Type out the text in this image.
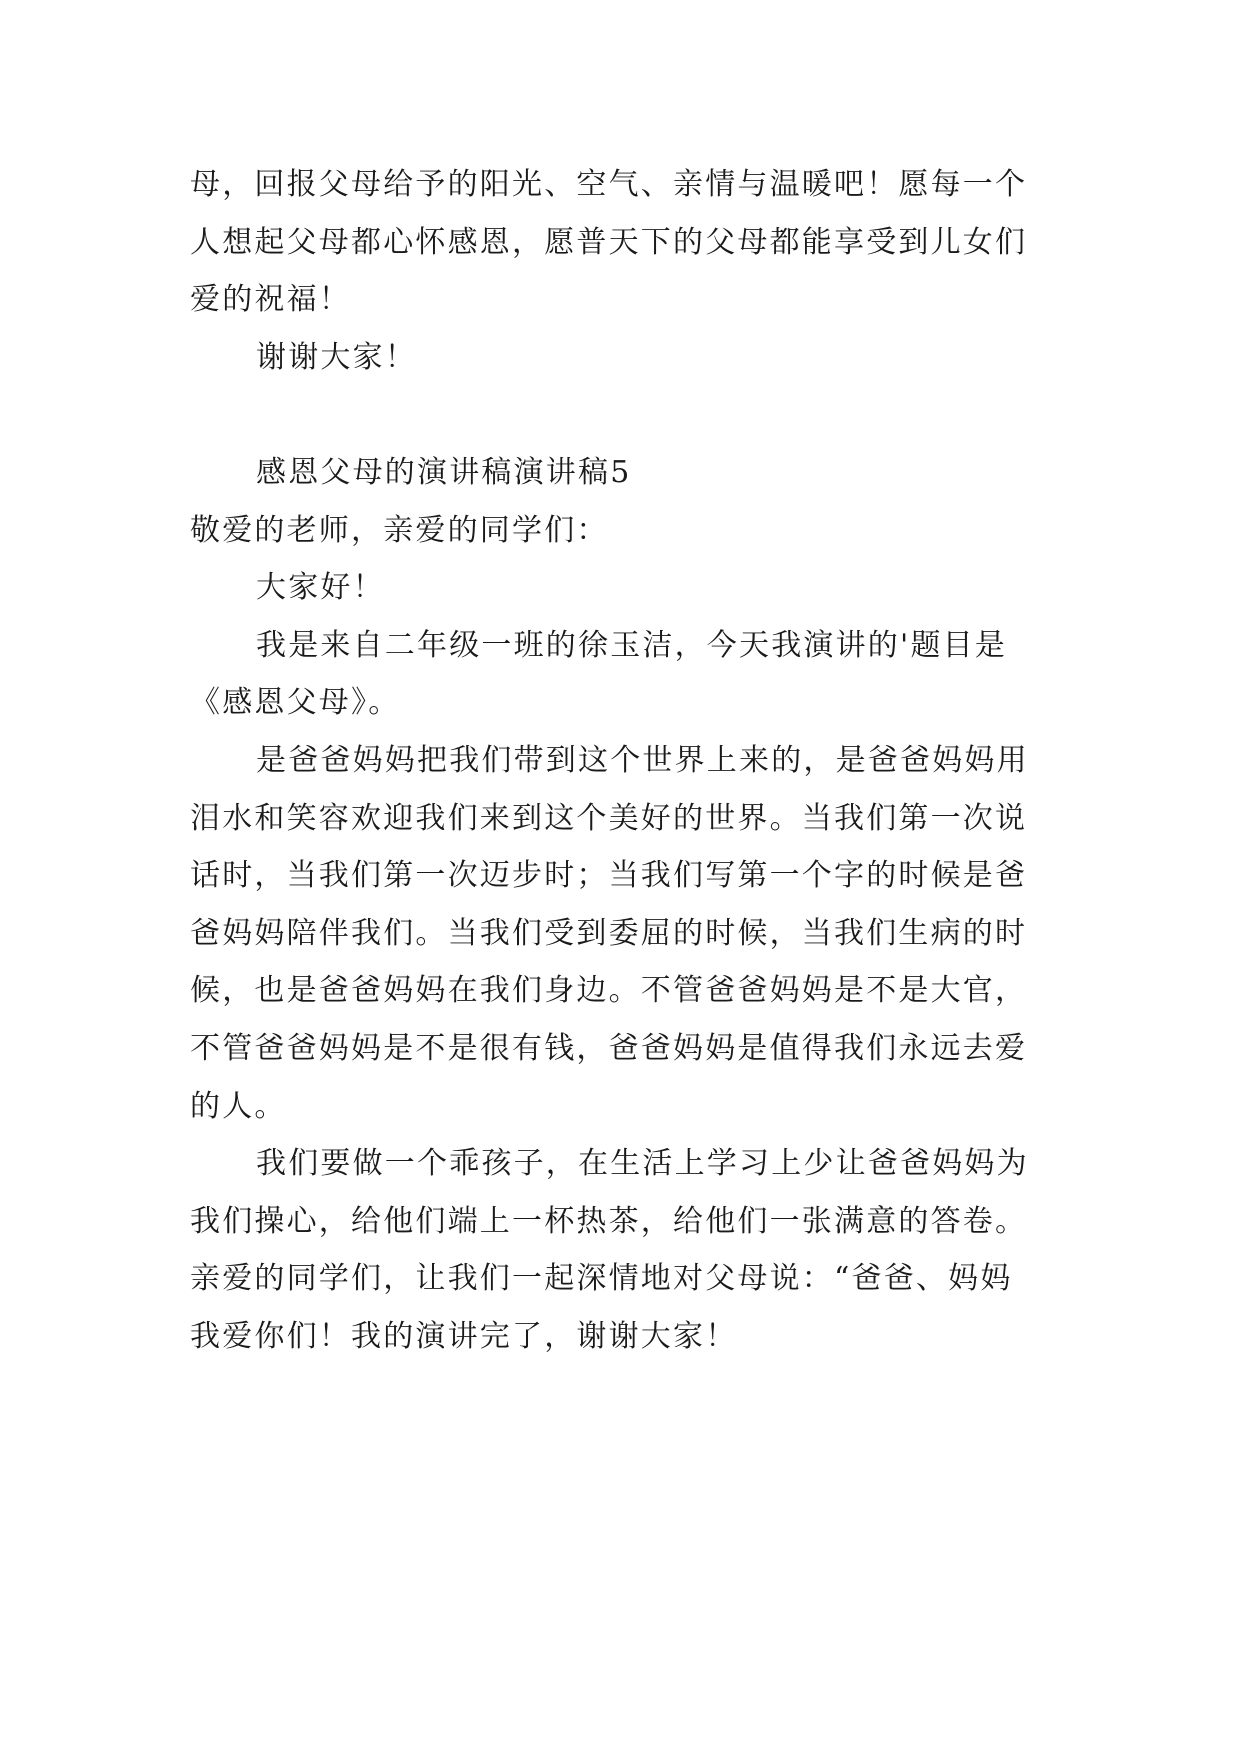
母，回报父母给予的阳光、空气、亲情与温暖吧！愿每一个
人想起父母都心怀感恩，愿普天下的父母都能享受到儿女们
爱的祝福！
谢谢大家！
感恩父母的演讲稿演讲稿5
敬爱的老师，亲爱的同学们：
大家好！
我是来自二年级一班的徐玉洁，今天我演讲的'题目是
《感恩父母》。
是爸爸妈妈把我们带到这个世界上来的，是爸爸妈妈用
泪水和笑容欢迎我们来到这个美好的世界。当我们第一次说
话时，当我们第一次迈步时；当我们写第一个字的时候是爸
爸妈妈陪伴我们。当我们受到委屈的时候，当我们生病的时
候，也是爸爸妈妈在我们身边。不管爸爸妈妈是不是大官，
不管爸爸妈妈是不是很有钱，爸爸妈妈是值得我们永远去爱
的人。
我们要做一个乖孩子，在生活上学习上少让爸爸妈妈为
我们操心，给他们端上一杯热茶，给他们一张满意的答卷。
亲爱的同学们，让我们一起深情地对父母说：“爸爸、妈妈
我爱你们！我的演讲完了，谢谢大家！
